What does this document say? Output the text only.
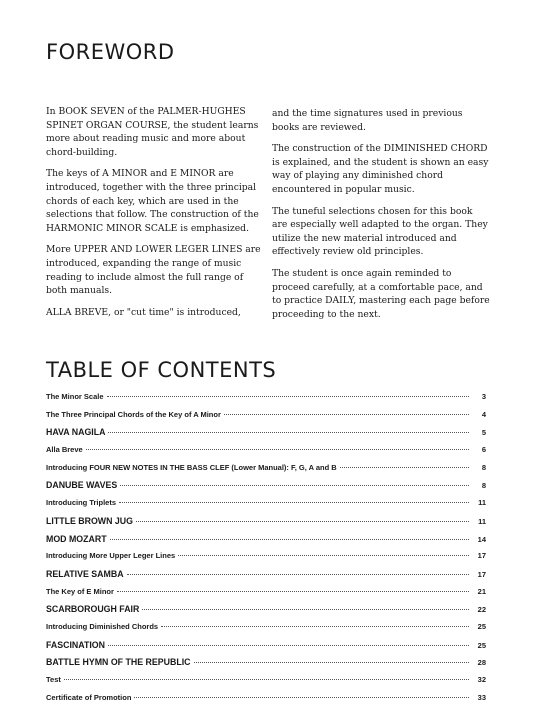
FOREWORD

In BOOK SEVEN of the PALMER-HUGHES SPINET ORGAN COURSE, the student learns more about reading music and more about chord-building.

The keys of A MINOR and E MINOR are introduced, together with the three principal chords of each key, which are used in the selections that follow. The construction of the HARMONIC MINOR SCALE is emphasized.

More UPPER AND LOWER LEGER LINES are introduced, expanding the range of music reading to include almost the full range of both manuals.

ALLA BREVE, or "cut time" is introduced,

and the time signatures used in previous books are reviewed.

The construction of the DIMINISHED CHORD is explained, and the student is shown an easy way of playing any diminished chord encountered in popular music.

The tuneful selections chosen for this book are especially well adapted to the organ. They utilize the new material introduced and effectively review old principles.

The student is once again reminded to proceed carefully, at a comfortable pace, and to practice DAILY, mastering each page before proceeding to the next.

TABLE OF CONTENTS
The Minor Scale	3
The Three Principal Chords of the Key of A Minor	4
HAVA NAGILA	5
Alla Breve	6
Introducing FOUR NEW NOTES IN THE BASS CLEF (Lower Manual): F, G, A and B	8
DANUBE WAVES	8
Introducing Triplets	11
LITTLE BROWN JUG	11
MOD MOZART	14
Introducing More Upper Leger Lines	17
RELATIVE SAMBA	17
The Key of E Minor	21
SCARBOROUGH FAIR	22
Introducing Diminished Chords	25
FASCINATION	25
BATTLE HYMN OF THE REPUBLIC	28
Test	32
Certificate of Promotion	33
